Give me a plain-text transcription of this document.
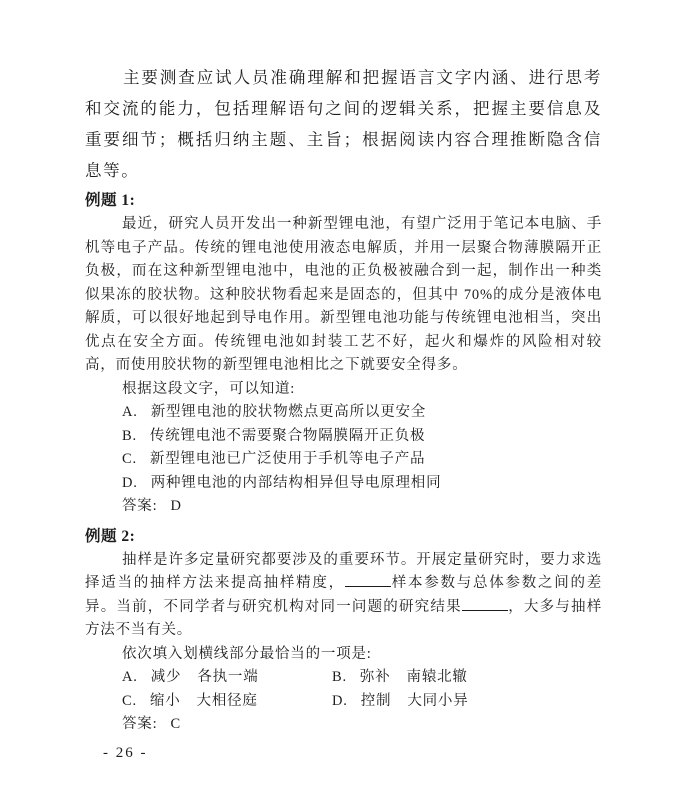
主要测查应试人员准确理解和把握语言文字内涵、进行思考和交流的能力，包括理解语句之间的逻辑关系，把握主要信息及重要细节；概括归纳主题、主旨；根据阅读内容合理推断隐含信息等。

例题 1:

最近，研究人员开发出一种新型锂电池，有望广泛用于笔记本电脑、手机等电子产品。传统的锂电池使用液态电解质，并用一层聚合物薄膜隔开正负极，而在这种新型锂电池中，电池的正负极被融合到一起，制作出一种类似果冻的胶状物。这种胶状物看起来是固态的，但其中 70%的成分是液体电解质，可以很好地起到导电作用。新型锂电池功能与传统锂电池相当，突出优点在安全方面。传统锂电池如封装工艺不好，起火和爆炸的风险相对较高，而使用胶状物的新型锂电池相比之下就要安全得多。

根据这段文字，可以知道:

A. 新型锂电池的胶状物燃点更高所以更安全
B. 传统锂电池不需要聚合物隔膜隔开正负极
C. 新型锂电池已广泛使用于手机等电子产品
D. 两种锂电池的内部结构相异但导电原理相同

答案: D

例题 2:

抽样是许多定量研究都要涉及的重要环节。开展定量研究时，要力求选择适当的抽样方法来提高抽样精度，	样本参数与总体参数之间的差异。当前，不同学者与研究机构对同一问题的研究结果	，大多与抽样方法不当有关。

依次填入划横线部分最恰当的一项是:

A. 减少 各执一端	B. 弥补 南辕北辙
C. 缩小 大相径庭	D. 控制 大同小异

答案: C

- 26 -
